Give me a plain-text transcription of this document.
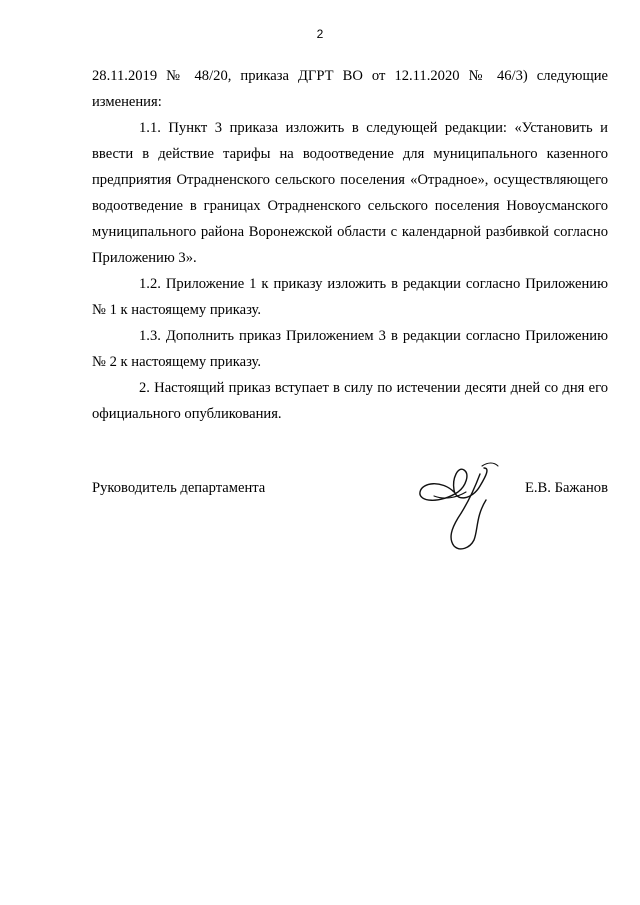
2

28.11.2019 № 48/20, приказа ДГРТ ВО от 12.11.2020 № 46/3) следующие изменения:

1.1. Пункт 3 приказа изложить в следующей редакции: «Установить и ввести в действие тарифы на водоотведение для муниципального казенного предприятия Отрадненского сельского поселения «Отрадное», осуществляющего водоотведение в границах Отрадненского сельского поселения Новоусманского муниципального района Воронежской области с календарной разбивкой согласно Приложению 3».

1.2. Приложение 1 к приказу изложить в редакции согласно Приложению № 1 к настоящему приказу.

1.3. Дополнить приказ Приложением 3 в редакции согласно Приложению № 2 к настоящему приказу.

2. Настоящий приказ вступает в силу по истечении десяти дней со дня его официального опубликования.

Руководитель департамента	Е.В. Бажанов
